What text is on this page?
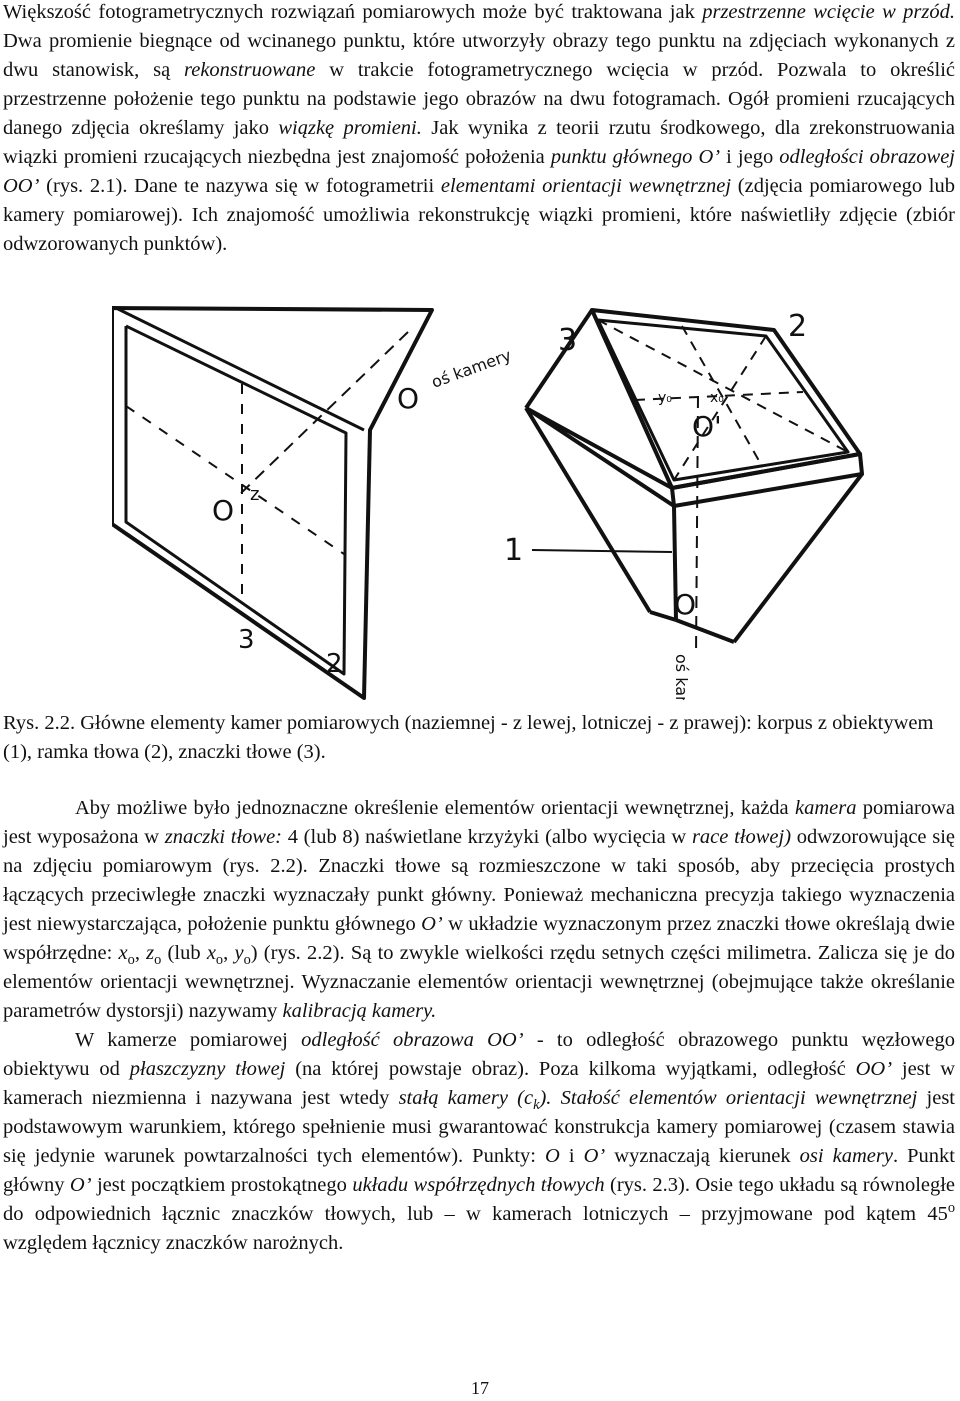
Większość fotogrametrycznych rozwiązań pomiarowych może być traktowana jak przestrzenne wcięcie w przód. Dwa promienie biegnące od wcinanego punktu, które utworzyły obrazy tego punktu na zdjęciach wykonanych z dwu stanowisk, są rekonstruowane w trakcie fotogrametrycznego wcięcia w przód. Pozwala to określić przestrzenne położenie tego punktu na podstawie jego obrazów na dwu fotogramach. Ogół promieni rzucających danego zdjęcia określamy jako wiązkę promieni. Jak wynika z teorii rzutu środkowego, dla zrekonstruowania wiązki promieni rzucających niezbędna jest znajomość położenia punktu głównego O’ i jego odległości obrazowej OO’ (rys. 2.1). Dane te nazywa się w fotogrametrii elementami orientacji wewnętrznej (zdjęcia pomiarowego lub kamery pomiarowej). Ich znajomość umożliwia rekonstrukcję wiązki promieni, które naświetliły zdjęcie (zbiór odwzorowanych punktów).

O
z
O
3
2
3	2
1
O'
O
y₀	x₀
oś kamery
oś kamery

Rys. 2.2. Główne elementy kamer pomiarowych (naziemnej - z lewej, lotniczej - z prawej): korpus z obiektywem (1), ramka tłowa (2), znaczki tłowe (3).

Aby możliwe było jednoznaczne określenie elementów orientacji wewnętrznej, każda kamera pomiarowa jest wyposażona w znaczki tłowe: 4 (lub 8) naświetlane krzyżyki (albo wycięcia w race tłowej) odwzorowujące się na zdjęciu pomiarowym (rys. 2.2). Znaczki tłowe są rozmieszczone w taki sposób, aby przecięcia prostych łączących przeciwległe znaczki wyznaczały punkt główny. Ponieważ mechaniczna precyzja takiego wyznaczenia jest niewystarczająca, położenie punktu głównego O’ w układzie wyznaczonym przez znaczki tłowe określają dwie współrzędne: $x_o$, $z_o$ (lub $x_o$, $y_o$) (rys. 2.2). Są to zwykle wielkości rzędu setnych części milimetra. Zalicza się je do elementów orientacji wewnętrznej. Wyznaczanie elementów orientacji wewnętrznej (obejmujące także określanie parametrów dystorsji) nazywamy kalibracją kamery.

W kamerze pomiarowej odległość obrazowa OO’ - to odległość obrazowego punktu węzłowego obiektywu od płaszczyzny tłowej (na której powstaje obraz). Poza kilkoma wyjątkami, odległość OO’ jest w kamerach niezmienna i nazywana jest wtedy stałą kamery $(c_k)$. Stałość elementów orientacji wewnętrznej jest podstawowym warunkiem, którego spełnienie musi gwarantować konstrukcja kamery pomiarowej (czasem stawia się jedynie warunek powtarzalności tych elementów). Punkty: O i O’ wyznaczają kierunek osi kamery. Punkt główny O’ jest początkiem prostokątnego układu współrzędnych tłowych (rys. 2.3). Osie tego układu są równoległe do odpowiednich łącznic znaczków tłowych, lub – w kamerach lotniczych – przyjmowane pod kątem 45$^o$ względem łącznicy znaczków narożnych.

17
